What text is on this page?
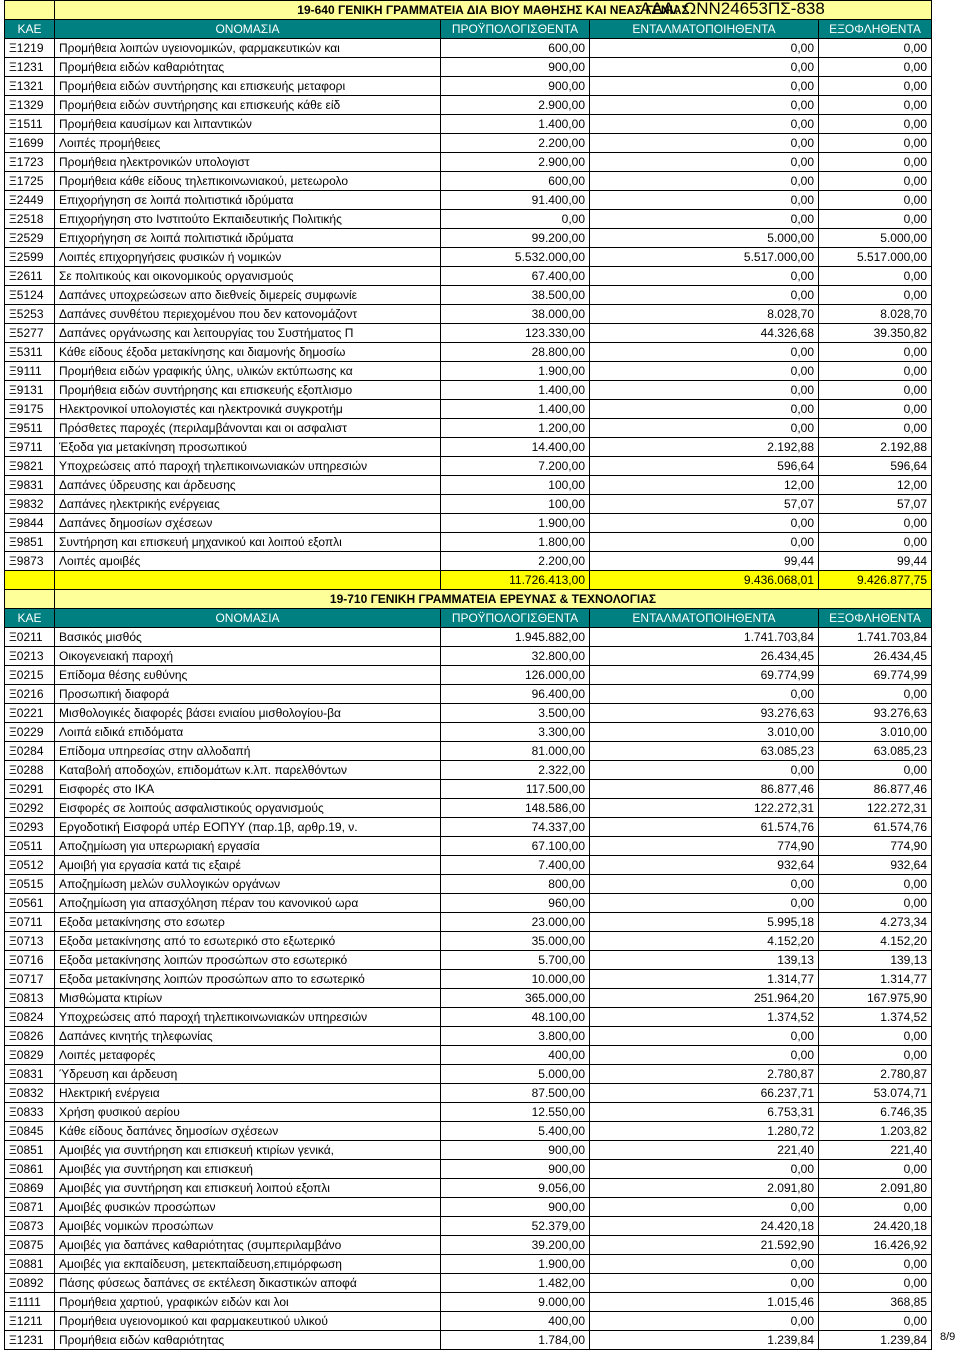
	19-640 ΓΕΝΙΚΗ ΓΡΑΜΜΑΤΕΙΑ ΔΙΑ ΒΙΟΥ ΜΑΘΗΣΗΣ ΚΑΙ ΝΕΑΣ ΓΕΝΙΑΣ			
ΚΑΕ	ΟΝΟΜΑΣΙΑ	ΠΡΟΫΠΟΛΟΓΙΣΘΕΝΤΑ	ΕΝΤΑΛΜΑΤΟΠΟΙΗΘΕΝΤΑ	ΕΞΟΦΛΗΘΕΝΤΑ
Ξ1219	Προμήθεια λοιπών υγειονομικών, φαρμακευτικών και	600,00	0,00	0,00
Ξ1231	Προμήθεια ειδών καθαριότητας	900,00	0,00	0,00
Ξ1321	Προμήθεια ειδών συντήρησης και επισκευής μεταφορι	900,00	0,00	0,00
Ξ1329	Προμήθεια ειδών συντήρησης και επισκευής κάθε είδ	2.900,00	0,00	0,00
Ξ1511	Προμήθεια καυσίμων και λιπαντικών	1.400,00	0,00	0,00
Ξ1699	Λοιπές προμήθειες	2.200,00	0,00	0,00
Ξ1723	Προμήθεια ηλεκτρονικών υπολογιστ	2.900,00	0,00	0,00
Ξ1725	Προμήθεια κάθε είδους τηλεπικοινωνιακού, μετεωρολο	600,00	0,00	0,00
Ξ2449	Επιχορήγηση σε λοιπά πολιτιστικά ιδρύματα	91.400,00	0,00	0,00
Ξ2518	Επιχορήγηση στο Ινστιτούτο Εκπαιδευτικής Πολιτικής	0,00	0,00	0,00
Ξ2529	Επιχορήγηση σε λοιπά πολιτιστικά ιδρύματα	99.200,00	5.000,00	5.000,00
Ξ2599	Λοιπές επιχορηγήσεις φυσικών ή νομικών	5.532.000,00	5.517.000,00	5.517.000,00
Ξ2611	Σε πολιτικούς και οικονομικούς οργανισμούς	67.400,00	0,00	0,00
Ξ5124	Δαπάνες υποχρεώσεων απο διεθνείς διμερείς συμφωνίε	38.500,00	0,00	0,00
Ξ5253	Δαπάνες συνθέτου περιεχομένου που δεν κατονομάζοντ	38.000,00	8.028,70	8.028,70
Ξ5277	Δαπάνες οργάνωσης και λειτουργίας του Συστήματος Π	123.330,00	44.326,68	39.350,82
Ξ5311	Κάθε είδους έξοδα μετακίνησης και διαμονής δημοσίω	28.800,00	0,00	0,00
Ξ9111	Προμήθεια ειδών γραφικής ύλης, υλικών εκτύπωσης κα	1.900,00	0,00	0,00
Ξ9131	Προμήθεια ειδών συντήρησης και επισκευής εξοπλισμο	1.400,00	0,00	0,00
Ξ9175	Ηλεκτρονικοί υπολογιστές και ηλεκτρονικά συγκροτήμ	1.400,00	0,00	0,00
Ξ9511	Πρόσθετες παροχές (περιλαμβάνονται και οι ασφαλιστ	1.200,00	0,00	0,00
Ξ9711	Έξοδα για μετακίνηση προσωπικού	14.400,00	2.192,88	2.192,88
Ξ9821	Υποχρεώσεις από παροχή τηλεπικοινωνιακών υπηρεσιών	7.200,00	596,64	596,64
Ξ9831	Δαπάνες ύδρευσης και άρδευσης	100,00	12,00	12,00
Ξ9832	Δαπάνες ηλεκτρικής ενέργειας	100,00	57,07	57,07
Ξ9844	Δαπάνες δημοσίων σχέσεων	1.900,00	0,00	0,00
Ξ9851	Συντήρηση και επισκευή μηχανικού και λοιπού εξοπλι	1.800,00	0,00	0,00
Ξ9873	Λοιπές αμοιβές	2.200,00	99,44	99,44
		11.726.413,00	9.436.068,01	9.426.877,75
	19-710 ΓΕΝΙΚΗ ΓΡΑΜΜΑΤΕΙΑ ΕΡΕΥΝΑΣ & ΤΕΧΝΟΛΟΓΙΑΣ			
ΚΑΕ	ΟΝΟΜΑΣΙΑ	ΠΡΟΫΠΟΛΟΓΙΣΘΕΝΤΑ	ΕΝΤΑΛΜΑΤΟΠΟΙΗΘΕΝΤΑ	ΕΞΟΦΛΗΘΕΝΤΑ
Ξ0211	Βασικός μισθός	1.945.882,00	1.741.703,84	1.741.703,84
Ξ0213	Οικογενειακή παροχή	32.800,00	26.434,45	26.434,45
Ξ0215	Επίδομα θέσης ευθύνης	126.000,00	69.774,99	69.774,99
Ξ0216	Προσωπική διαφορά	96.400,00	0,00	0,00
Ξ0221	Μισθολογικές διαφορές βάσει ενιαίου μισθολογίου-βα	3.500,00	93.276,63	93.276,63
Ξ0229	Λοιπά ειδικά επιδόματα	3.300,00	3.010,00	3.010,00
Ξ0284	Επίδομα υπηρεσίας στην αλλοδαπή	81.000,00	63.085,23	63.085,23
Ξ0288	Καταβολή αποδοχών, επιδομάτων κ.λπ. παρελθόντων	2.322,00	0,00	0,00
Ξ0291	Εισφορές στο ΙΚΑ	117.500,00	86.877,46	86.877,46
Ξ0292	Εισφορές σε λοιπούς ασφαλιστικούς οργανισμούς	148.586,00	122.272,31	122.272,31
Ξ0293	Εργοδοτική Εισφορά υπέρ ΕΟΠΥΥ (παρ.1β, αρθρ.19, ν.	74.337,00	61.574,76	61.574,76
Ξ0511	Αποζημίωση για υπερωριακή εργασία	67.100,00	774,90	774,90
Ξ0512	Αμοιβή για εργασία κατά τις εξαιρέ	7.400,00	932,64	932,64
Ξ0515	Αποζημίωση μελών συλλογικών οργάνων	800,00	0,00	0,00
Ξ0561	Αποζημίωση για απασχόληση πέραν του κανονικού ωρα	960,00	0,00	0,00
Ξ0711	Εξοδα μετακίνησης στο εσωτερ	23.000,00	5.995,18	4.273,34
Ξ0713	Εξοδα μετακίνησης από το εσωτερικό στο εξωτερικό	35.000,00	4.152,20	4.152,20
Ξ0716	Εξοδα μετακίνησης λοιπών προσώπων στο εσωτερικό	5.700,00	139,13	139,13
Ξ0717	Εξοδα μετακίνησης λοιπών προσώπων απο το εσωτερικό	10.000,00	1.314,77	1.314,77
Ξ0813	Μισθώματα κτιρίων	365.000,00	251.964,20	167.975,90
Ξ0824	Υποχρεώσεις από παροχή τηλεπικοινωνιακών υπηρεσιών	48.100,00	1.374,52	1.374,52
Ξ0826	Δαπάνες κινητής τηλεφωνίας	3.800,00	0,00	0,00
Ξ0829	Λοιπές μεταφορές	400,00	0,00	0,00
Ξ0831	Ύδρευση και άρδευση	5.000,00	2.780,87	2.780,87
Ξ0832	Ηλεκτρική ενέργεια	87.500,00	66.237,71	53.074,71
Ξ0833	Χρήση φυσικού αερίου	12.550,00	6.753,31	6.746,35
Ξ0845	Κάθε είδους δαπάνες δημοσίων σχέσεων	5.400,00	1.280,72	1.203,82
Ξ0851	Αμοιβές για συντήρηση και επισκευή κτιρίων γενικά,	900,00	221,40	221,40
Ξ0861	Αμοιβές για συντήρηση και επισκευή	900,00	0,00	0,00
Ξ0869	Αμοιβές για συντήρηση και επισκευή λοιπού εξοπλι	9.056,00	2.091,80	2.091,80
Ξ0871	Αμοιβές φυσικών προσώπων	900,00	0,00	0,00
Ξ0873	Αμοιβές νομικών προσώπων	52.379,00	24.420,18	24.420,18
Ξ0875	Αμοιβές για δαπάνες καθαριότητας (συμπεριλαμβάνο	39.200,00	21.592,90	16.426,92
Ξ0881	Αμοιβές για εκπαίδευση, μετεκπαίδευση,επιμόρφωση	1.900,00	0,00	0,00
Ξ0892	Πάσης φύσεως δαπάνες σε εκτέλεση δικαστικών αποφά	1.482,00	0,00	0,00
Ξ1111	Προμήθεια χαρτιού, γραφικών ειδών και λοι	9.000,00	1.015,46	368,85
Ξ1211	Προμήθεια υγειονομικού και φαρμακευτικού υλικού	400,00	0,00	0,00
Ξ1231	Προμήθεια ειδών καθαριότητας	1.784,00	1.239,84	1.239,84
ΑΔΑ: ΩΝΝ24653ΠΣ-838
8/9
